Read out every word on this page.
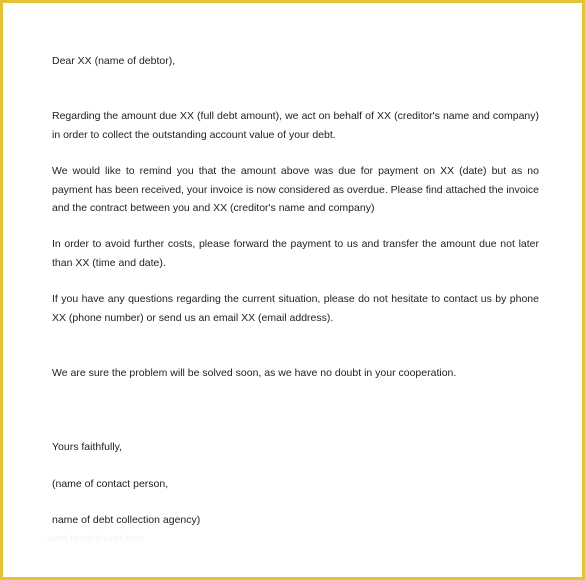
Dear XX (name of debtor),

Regarding the amount due XX (full debt amount), we act on behalf of XX (creditor's name and company) in order to collect the outstanding account value of your debt.

We would like to remind you that the amount above was due for payment on XX (date) but as no payment has been received, your invoice is now considered as overdue. Please find attached the invoice and the contract between you and XX (creditor's name and company)

In order to avoid further costs, please forward the payment to us and transfer the amount due not later than XX (time and date).

If you have any questions regarding the current situation, please do not hesitate to contact us by phone XX (phone number) or send us an email XX (email address).

We are sure the problem will be solved soon, as we have no doubt in your cooperation.

Yours faithfully,

(name of contact person,

name of debt collection agency)

www.templatezet.com
